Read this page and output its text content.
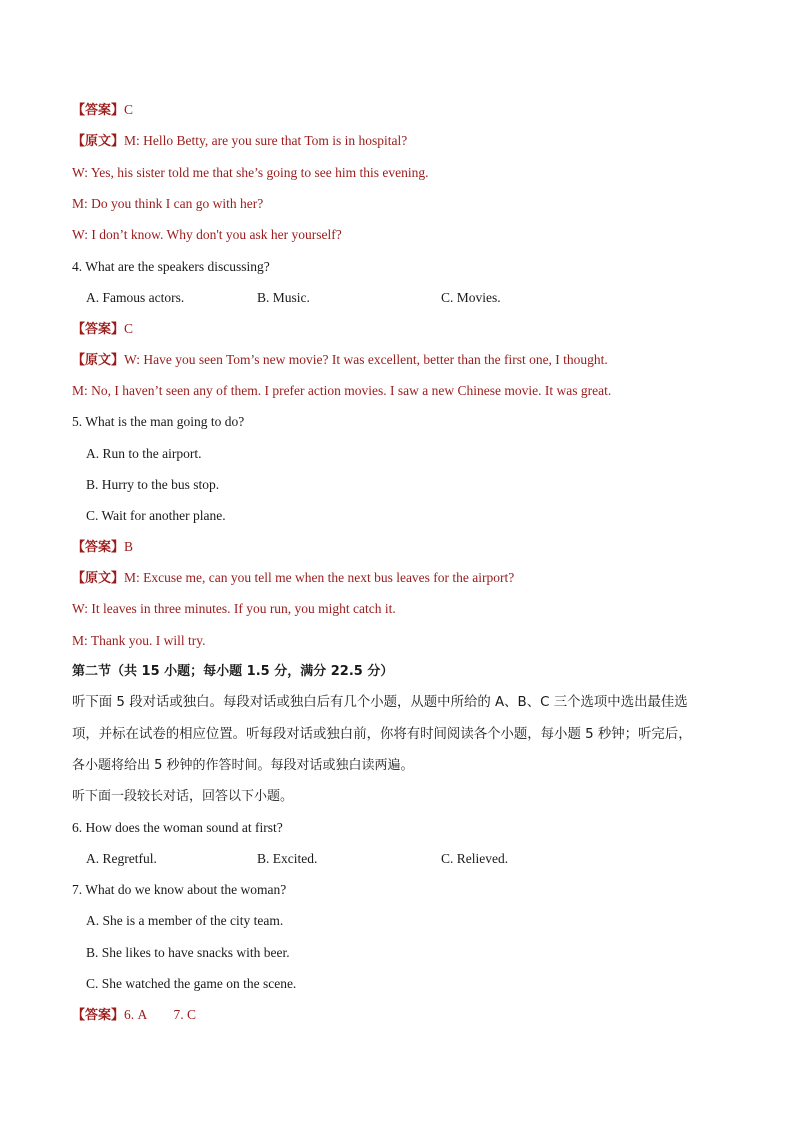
【答案】C
【原文】M: Hello Betty, are you sure that Tom is in hospital?
W: Yes, his sister told me that she’s going to see him this evening.
M: Do you think I can go with her?
W: I don’t know. Why don't you ask her yourself?
4. What are the speakers discussing?
A. Famous actors.	B. Music.	C. Movies.
【答案】C
【原文】W: Have you seen Tom’s new movie? It was excellent, better than the first one, I thought.
M: No, I haven’t seen any of them. I prefer action movies. I saw a new Chinese movie. It was great.
5. What is the man going to do?
A. Run to the airport.
B. Hurry to the bus stop.
C. Wait for another plane.
【答案】B
【原文】M: Excuse me, can you tell me when the next bus leaves for the airport?
W: It leaves in three minutes. If you run, you might catch it.
M: Thank you. I will try.
第二节（共 15 小题；每小题 1.5 分，满分 22.5 分）
听下面 5 段对话或独白。每段对话或独白后有几个小题，从题中所给的 A、B、C 三个选项中选出最佳选
项，并标在试卷的相应位置。听每段对话或独白前，你将有时间阅读各个小题，每小题 5 秒钟；听完后，
各小题将给出 5 秒钟的作答时间。每段对话或独白读两遍。
听下面一段较长对话，回答以下小题。
6. How does the woman sound at first?
A. Regretful.	B. Excited.	C. Relieved.
7. What do we know about the woman?
A. She is a member of the city team.
B. She likes to have snacks with beer.
C. She watched the game on the scene.
【答案】6. A        7. C
